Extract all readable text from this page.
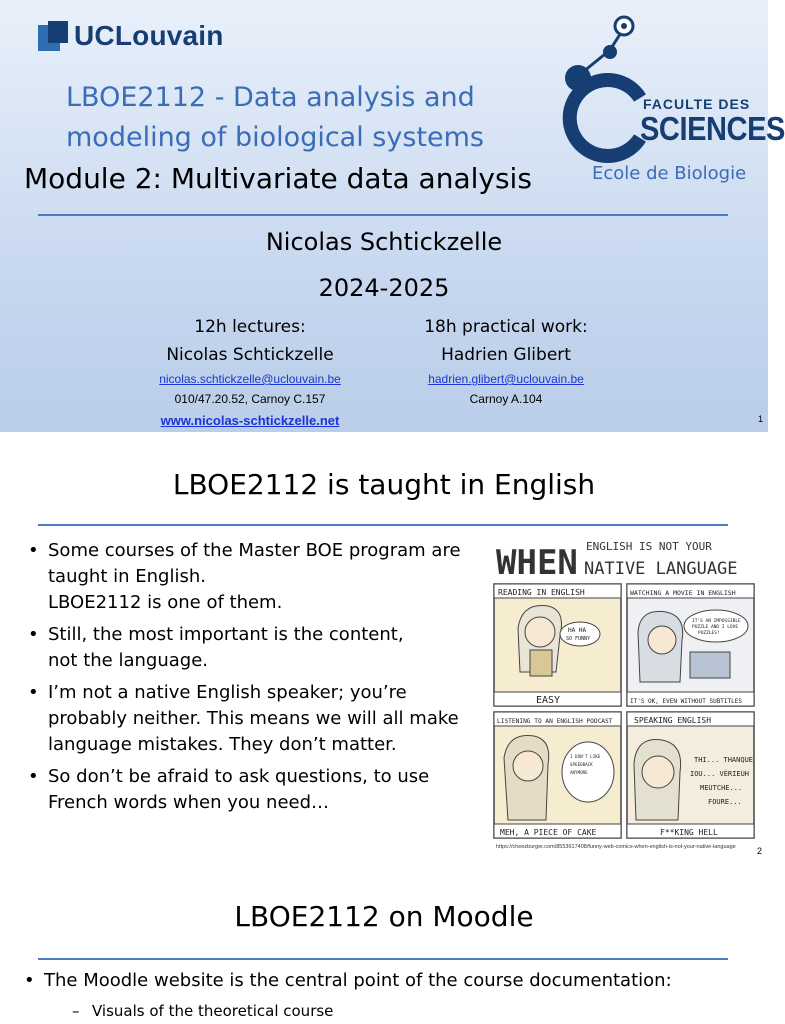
UCLouvain
LBOE2112 - Data analysis and
modeling of biological systems
Module 2: Multivariate data analysis
FACULTE DES
SCIENCES
Ecole de Biologie
Nicolas Schtickzelle
2024-2025
12h lectures:
Nicolas Schtickzelle
nicolas.schtickzelle@uclouvain.be
010/47.20.52, Carnoy C.157
www.nicolas-schtickzelle.net
18h practical work:
Hadrien Glibert
hadrien.glibert@uclouvain.be
Carnoy A.104
1
LBOE2112 is taught in English
• Some courses of the Master BOE program are
taught in English.
LBOE2112 is one of them.
• Still, the most important is the content,
not the language.
• I’m not a native English speaker; you’re
probably neither. This means we will all make
language mistakes. They don’t matter.
• So don’t be afraid to ask questions, to use
French words when you need…
WHEN ENGLISH IS NOT YOUR
NATIVE LANGUAGE
READING IN ENGLISH	WATCHING A MOVIE IN ENGLISH
LISTENING TO AN ENGLISH PODCAST	SPEAKING ENGLISH
EASY	IT'S OK, EVEN WITHOUT SUBTITLES
MEH, A PIECE OF CAKE	F**KING HELL
HA HA
SO FUNNY
IT'S AN IMPOSSIBLE
PUZZLE AND I LOVE
PUZZLES!
I DON'T LIKE
SPEEDBACK
ANYMORE
THI... THANQUE
IOU... VÉRIEUH
MEUTCHE...
FOURE...
https://cheezburger.com/8553617408/funny-web-comics-when-english-is-not-your-native-language	2
LBOE2112 on Moodle
• The Moodle website is the central point of the course documentation:
– Visuals of the theoretical course
